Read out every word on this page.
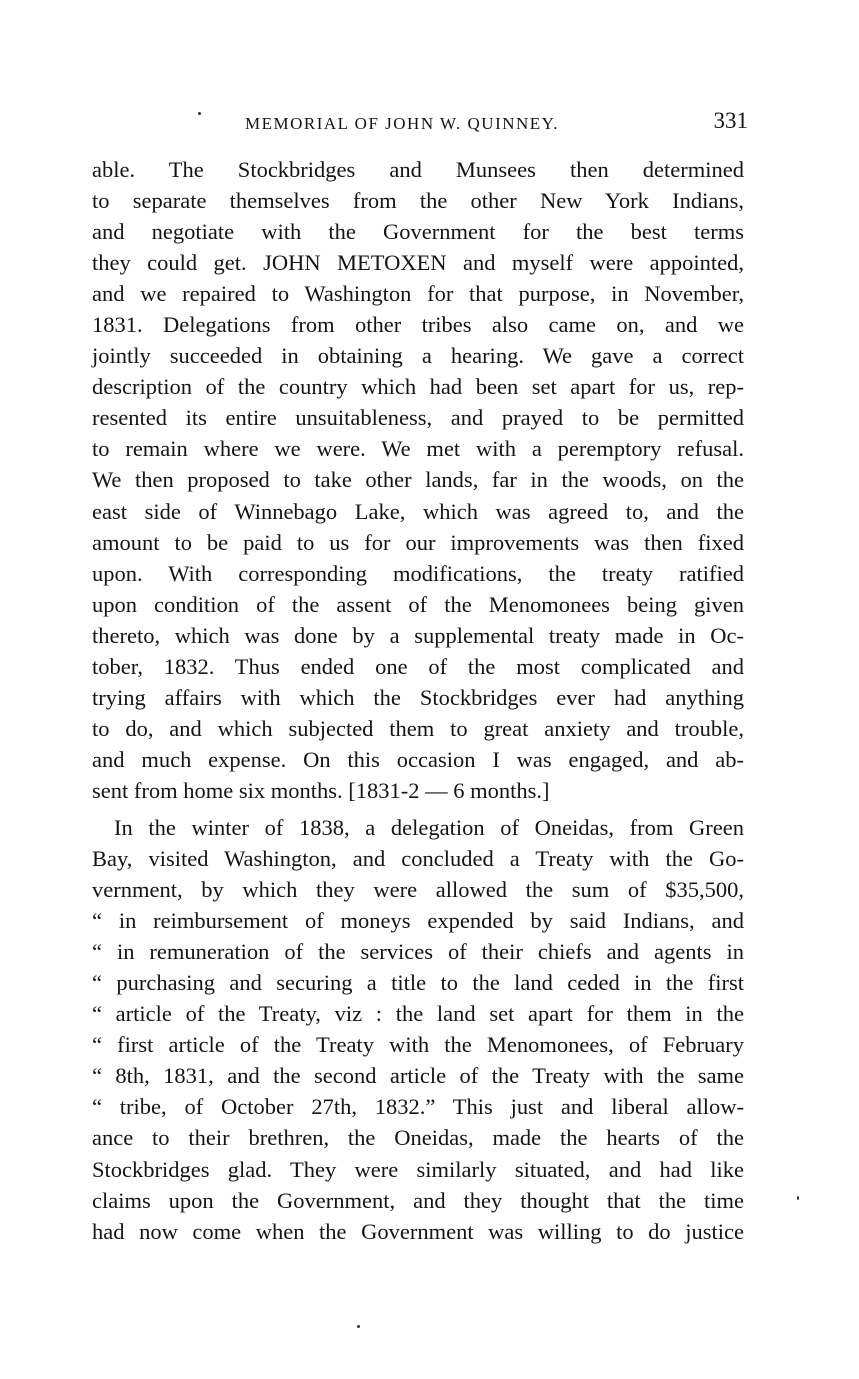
MEMORIAL OF JOHN W. QUINNEY.	331
able. The Stockbridges and Munsees then determined
to separate themselves from the other New York Indians,
and negotiate with the Government for the best terms
they could get. JOHN METOXEN and myself were appointed,
and we repaired to Washington for that purpose, in November,
1831. Delegations from other tribes also came on, and we
jointly succeeded in obtaining a hearing. We gave a correct
description of the country which had been set apart for us, rep-
resented its entire unsuitableness, and prayed to be permitted
to remain where we were. We met with a peremptory refusal.
We then proposed to take other lands, far in the woods, on the
east side of Winnebago Lake, which was agreed to, and the
amount to be paid to us for our improvements was then fixed
upon. With corresponding modifications, the treaty ratified
upon condition of the assent of the Menomonees being given
thereto, which was done by a supplemental treaty made in Oc-
tober, 1832. Thus ended one of the most complicated and
trying affairs with which the Stockbridges ever had anything
to do, and which subjected them to great anxiety and trouble,
and much expense. On this occasion I was engaged, and ab-
sent from home six months. [1831-2 — 6 months.]
In the winter of 1838, a delegation of Oneidas, from Green
Bay, visited Washington, and concluded a Treaty with the Go-
vernment, by which they were allowed the sum of $35,500,
“ in reimbursement of moneys expended by said Indians, and
“ in remuneration of the services of their chiefs and agents in
“ purchasing and securing a title to the land ceded in the first
“ article of the Treaty, viz : the land set apart for them in the
“ first article of the Treaty with the Menomonees, of February
“ 8th, 1831, and the second article of the Treaty with the same
“ tribe, of October 27th, 1832.” This just and liberal allow-
ance to their brethren, the Oneidas, made the hearts of the
Stockbridges glad. They were similarly situated, and had like
claims upon the Government, and they thought that the time
had now come when the Government was willing to do justice
